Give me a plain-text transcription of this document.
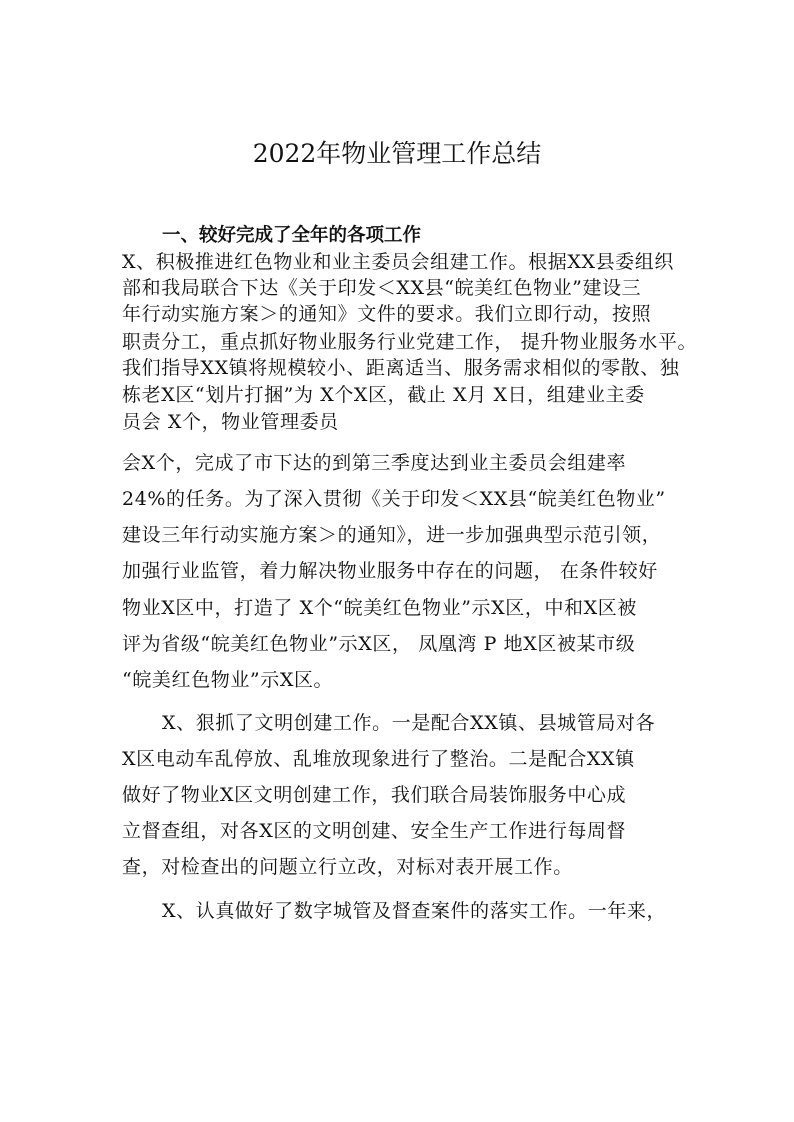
2022年物业管理工作总结
一、较好完成了全年的各项工作
X、积极推进红色物业和业主委员会组建工作。根据XX县委组织
部和我局联合下达《关于印发＜XX县“皖美红色物业”建设三
年行动实施方案＞的通知》文件的要求。我们立即行动，按照
职责分工，重点抓好物业服务行业党建工作， 提升物业服务水平。
我们指导XX镇将规模较小、距离适当、服务需求相似的零散、独
栋老X区“划片打捆”为 X个X区，截止 X月 X日，组建业主委
员会 X个，物业管理委员
会X个，完成了市下达的到第三季度达到业主委员会组建率
24%的任务。为了深入贯彻《关于印发＜XX县“皖美红色物业”
建设三年行动实施方案＞的通知》，进一步加强典型示范引领，
加强行业监管，着力解决物业服务中存在的问题， 在条件较好
物业X区中，打造了 X个“皖美红色物业”示X区，中和X区被
评为省级“皖美红色物业”示X区， 凤凰湾 P 地X区被某市级
“皖美红色物业”示X区。
X、狠抓了文明创建工作。一是配合XX镇、县城管局对各
X区电动车乱停放、乱堆放现象进行了整治。二是配合XX镇
做好了物业X区文明创建工作，我们联合局装饰服务中心成
立督查组，对各X区的文明创建、安全生产工作进行每周督
查，对检查出的问题立行立改，对标对表开展工作。
X、认真做好了数字城管及督查案件的落实工作。一年来，
